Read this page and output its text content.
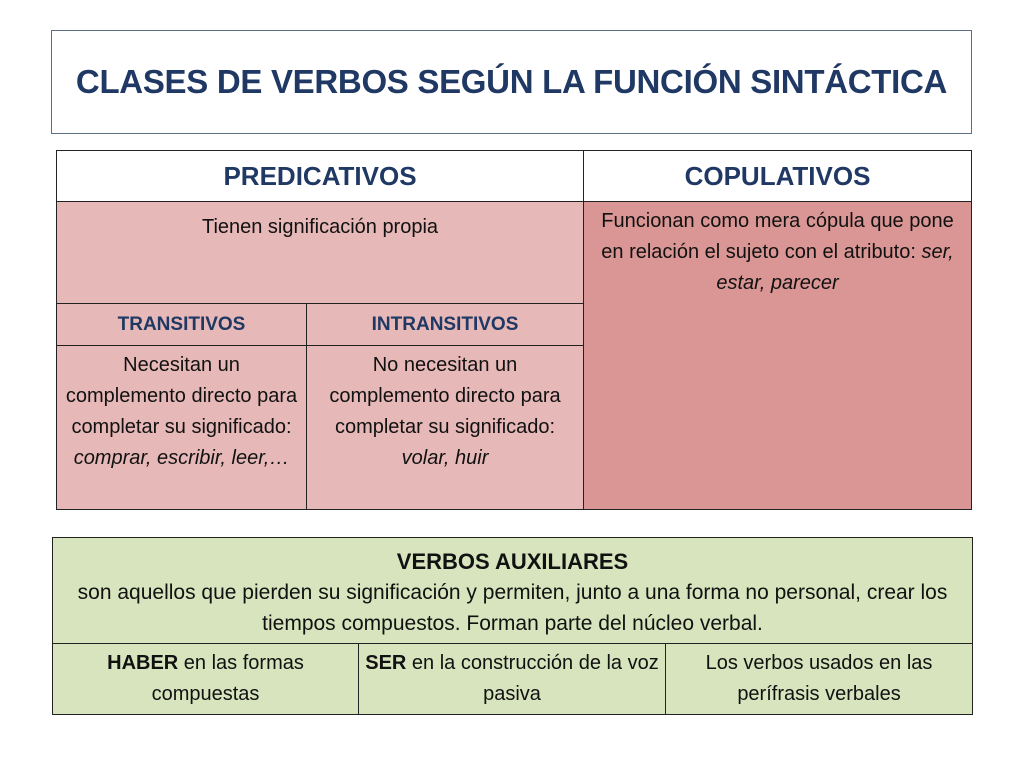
CLASES DE VERBOS SEGÚN LA FUNCIÓN SINTÁCTICA
PREDICATIVOS		COPULATIVOS
Tienen significación propia		Funcionan como mera cópula que pone en relación el sujeto con el atributo: ser, estar, parecer
TRANSITIVOS	INTRANSITIVOS	
Necesitan un complemento directo para completar su significado: comprar, escribir, leer,…	No necesitan un complemento directo para completar su significado: volar, huir	
VERBOS AUXILIARES
son aquellos que pierden su significación y permiten, junto a una forma no personal, crear los tiempos compuestos. Forman parte del núcleo verbal.

HABER en las formas compuestas	SER en la construcción de la voz pasiva	Los verbos usados en las perífrasis verbales
